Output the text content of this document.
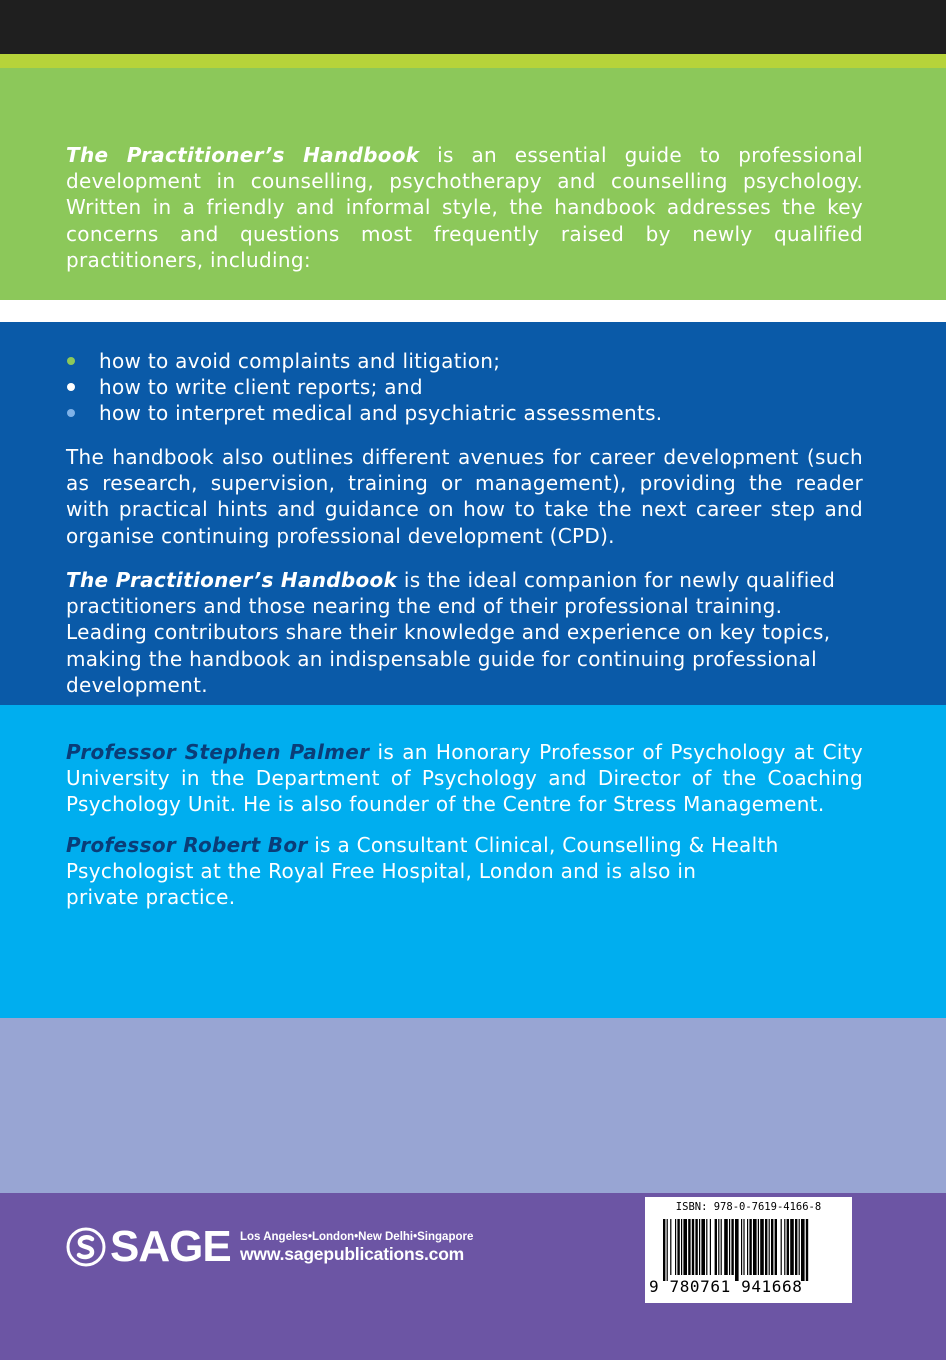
The Practitioner’s Handbook is an essential guide to professional development in counselling, psychotherapy and counselling psychology. Written in a friendly and informal style, the handbook addresses the key concerns and questions most frequently raised by newly qualified practitioners, including:

how to avoid complaints and litigation;
how to write client reports; and
how to interpret medical and psychiatric assessments.

The handbook also outlines different avenues for career development (such as research, supervision, training or management), providing the reader with practical hints and guidance on how to take the next career step and organise continuing professional development (CPD).

The Practitioner’s Handbook is the ideal companion for newly qualified practitioners and those nearing the end of their professional training. Leading contributors share their knowledge and experience on key topics, making the handbook an indispensable guide for continuing professional development.

Professor Stephen Palmer is an Honorary Professor of Psychology at City University in the Department of Psychology and Director of the Coaching Psychology Unit. He is also founder of the Centre for Stress Management.

Professor Robert Bor is a Consultant Clinical, Counselling & Health
Psychologist at the Royal Free Hospital, London and is also in
private practice.

SAGE Los Angeles•London•New Delhi•Singapore
www.sagepublications.com
ISBN: 978-0-7619-4166-8
9 780761 941668
